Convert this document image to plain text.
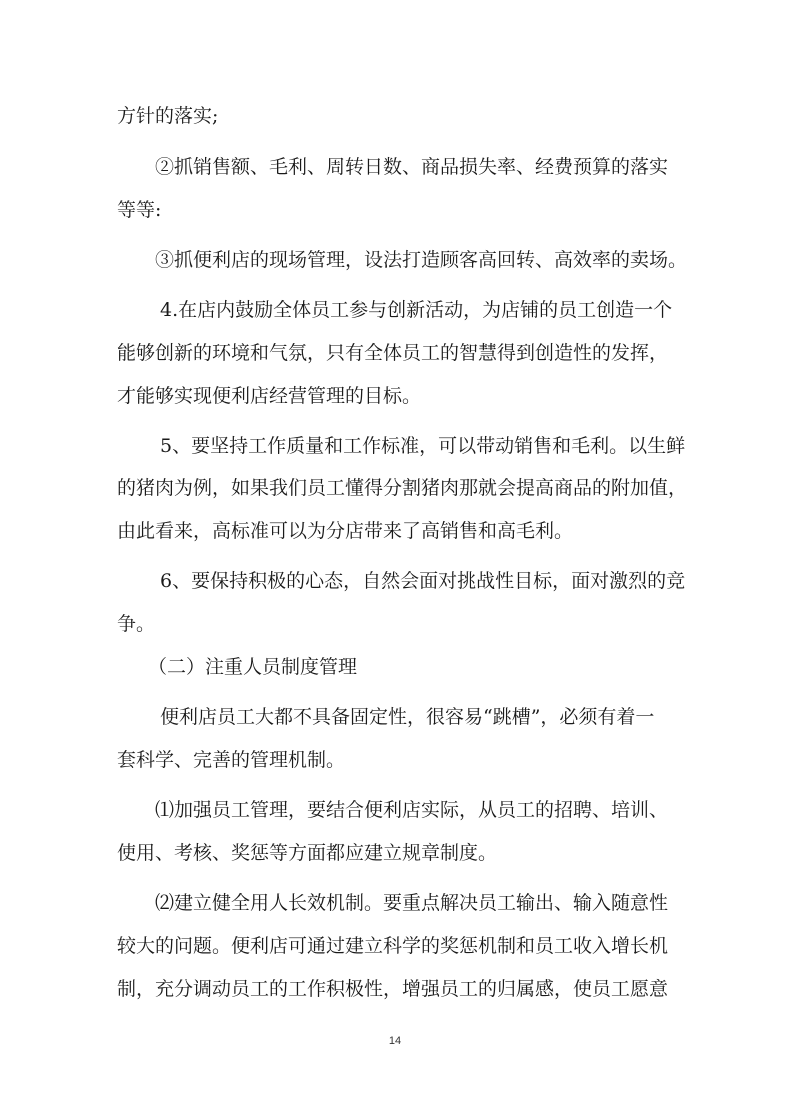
方针的落实;
②抓销售额、毛利、周转日数、商品损失率、经费预算的落实
等等:
③抓便利店的现场管理，设法打造顾客高回转、高效率的卖场。
4.在店内鼓励全体员工参与创新活动，为店铺的员工创造一个
能够创新的环境和气氛，只有全体员工的智慧得到创造性的发挥，
才能够实现便利店经营管理的目标。
5、要坚持工作质量和工作标准，可以带动销售和毛利。以生鲜
的猪肉为例，如果我们员工懂得分割猪肉那就会提高商品的附加值，
由此看来，高标准可以为分店带来了高销售和高毛利。
6、要保持积极的心态，自然会面对挑战性目标，面对激烈的竞
争。
（二）注重人员制度管理
便利店员工大都不具备固定性，很容易“跳槽”，必须有着一
套科学、完善的管理机制。
⑴加强员工管理，要结合便利店实际，从员工的招聘、培训、
使用、考核、奖惩等方面都应建立规章制度。
⑵建立健全用人长效机制。要重点解决员工输出、输入随意性
较大的问题。便利店可通过建立科学的奖惩机制和员工收入增长机
制，充分调动员工的工作积极性，增强员工的归属感，使员工愿意
14
